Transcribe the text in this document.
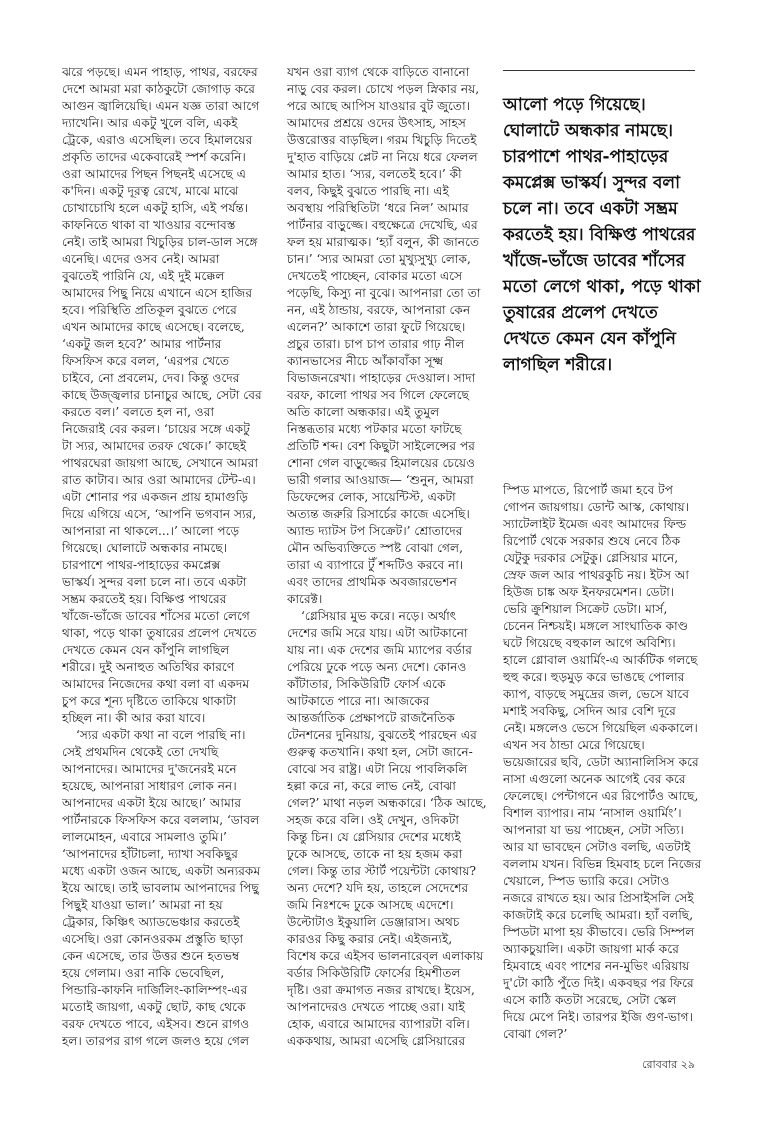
ঝরে পড়ছে। এমন পাহাড়, পাথর, বরফের
দেশে আমরা মরা কাঠকুটো জোগাড় করে
আগুন জ্বালিয়েছি। এমন যজ্ঞ তারা আগে
দ্যাখেনি। আর একটু খুলে বলি, একই
ট্রেকে, এরাও এসেছিল। তবে হিমালয়ের
প্রকৃতি তাদের একেবারেই স্পর্শ করেনি।
ওরা আমাদের পিছন পিছনই এসেছে এ
ক'দিন। একটু দূরত্ব রেখে, মাঝে মাঝে
চোখাচোখি হলে একটু হাসি, এই পর্যন্ত।
কাফনিতে থাকা বা খাওয়ার বন্দোবস্ত
নেই। তাই আমরা খিচুড়ির চাল-ডাল সঙ্গে
এনেছি। এদের ওসব নেই। আমরা
বুঝতেই পারিনি যে, এই দুই মক্কেল
আমাদের পিছু নিয়ে এখানে এসে হাজির
হবে। পরিস্থিতি প্রতিকূল বুঝতে পেরে
এখন আমাদের কাছে এসেছে। বলেছে,
‘একটু জল হবে?’ আমার পার্টনার
ফিসফিস করে বলল, ‘এরপর খেতে
চাইবে, নো প্রবলেম, দেব। কিন্তু ওদের
কাছে উজ্জ্বলার চানাচুর আছে, সেটা বের
করতে বল।’ বলতে হল না, ওরা
নিজেরাই বের করল। ‘চায়ের সঙ্গে একটু
টা স্যর, আমাদের তরফ থেকে।’ কাছেই
পাথরঘেরা জায়গা আছে, সেখানে আমরা
রাত কাটাব। আর ওরা আমাদের টেন্ট-এ।
এটা শোনার পর একজন প্রায় হামাগুড়ি
দিয়ে এগিয়ে এসে, ‘আপনি ভগবান স্যর,
আপনারা না থাকলে...।’ আলো পড়ে
গিয়েছে। ঘোলাটে অন্ধকার নামছে।
চারপাশে পাথর-পাহাড়ের কমপ্লেক্স
ভাস্কর্য। সুন্দর বলা চলে না। তবে একটা
সম্ভ্রম করতেই হয়। বিক্ষিপ্ত পাথরের
খাঁজে-ভাঁজে ডাবের শাঁসের মতো লেগে
থাকা, পড়ে থাকা তুষারের প্রলেপ দেখতে
দেখতে কেমন যেন কাঁপুনি লাগছিল
শরীরে। দুই অনাহুত অতিথির কারণে
আমাদের নিজেদের কথা বলা বা একদম
চুপ করে শূন্য দৃষ্টিতে তাকিয়ে থাকাটা
হচ্ছিল না। কী আর করা যাবে।
‘স্যর একটা কথা না বলে পারছি না।
সেই প্রথমদিন থেকেই তো দেখছি
আপনাদের। আমাদের দু'জনেরই মনে
হয়েছে, আপনারা সাধারণ লোক নন।
আপনাদের একটা ইয়ে আছে।’ আমার
পার্টনারকে ফিসফিস করে বললাম, ‘ডাবল
লালমোহন, এবারে সামলাও তুমি।’
‘আপনাদের হাঁটাচলা, দ্যাখা সবকিছুর
মধ্যে একটা ওজন আছে, একটা অন্যরকম
ইয়ে আছে। তাই ভাবলাম আপনাদের পিছু
পিছুই যাওয়া ভাল।’ আমরা না হয়
ট্রেকার, কিঞ্চিৎ অ্যাডভেঞ্চার করতেই
এসেছি। ওরা কোনওরকম প্রস্তুতি ছাড়া
কেন এসেছে, তার উত্তর শুনে হতভম্ব
হয়ে গেলাম। ওরা নাকি ভেবেছিল,
পিন্ডারি-কাফনি দার্জিলিং-কালিম্পং-এর
মতোই জায়গা, একটু ছোট, কাছ থেকে
বরফ দেখতে পাবে, এইসব। শুনে রাগও
হল। তারপর রাগ গলে জলও হয়ে গেল
যখন ওরা ব্যাগ থেকে বাড়িতে বানানো
নাড়ু বের করল। চোখে পড়ল স্নিকার নয়,
পরে আছে আপিস যাওয়ার বুট জুতো।
আমাদের প্রশ্রয়ে ওদের উৎসাহ, সাহস
উত্তরোত্তর বাড়ছিল। গরম খিচুড়ি দিতেই
দু'হাত বাড়িয়ে প্লেট না নিয়ে ধরে ফেলল
আমার হাত। ‘স্যর, বলতেই হবে।’ কী
বলব, কিছুই বুঝতে পারছি না। এই
অবস্থায় পরিস্থিতিটা ‘ধরে নিল’ আমার
পার্টনার বাড়ুজ্জে। বহুক্ষেত্রে দেখেছি, এর
ফল হয় মারাত্মক। ‘হ্যাঁ বলুন, কী জানতে
চান।’ ‘স্যর আমরা তো মুখ্যুসুখ্যু লোক,
দেখতেই পাচ্ছেন, বোকার মতো এসে
পড়েছি, কিস্যু না বুঝে। আপনারা তো তা
নন, এই ঠান্ডায়, বরফে, আপনারা কেন
এলেন?’ আকাশে তারা ফুটে গিয়েছে।
প্রচুর তারা। চাপ চাপ তারার গাঢ় নীল
ক্যানভাসের নীচে আঁকাবাঁকা সূক্ষ্ম
বিভাজনরেখা। পাহাড়ের দেওয়াল। সাদা
বরফ, কালো পাথর সব গিলে ফেলেছে
অতি কালো অন্ধকার। এই তুমুল
নিস্তব্ধতার মধ্যে পটকার মতো ফাটছে
প্রতিটি শব্দ। বেশ কিছুটা সাইলেন্সের পর
শোনা গেল বাড়ুজ্জের হিমালয়ের চেয়েও
ভারী গলার আওয়াজ— ‘শুনুন, আমরা
ডিফেন্সের লোক, সায়েন্টিস্ট, একটা
অত্যন্ত জরুরি রিসার্চের কাজে এসেছি।
অ্যান্ড দ্যাটস টপ সিক্রেট।’ শ্রোতাদের
মৌন অভিব্যক্তিতে স্পষ্ট বোঝা গেল,
তারা এ ব্যাপারে টুঁ শব্দটিও করবে না।
এবং তাদের প্রাথমিক অবজারভেশন
কারেক্ট।
‘গ্লেসিয়ার মুভ করে। নড়ে। অর্থাৎ
দেশের জমি সরে যায়। এটা আটকানো
যায় না। এক দেশের জমি ম্যাপের বর্ডার
পেরিয়ে ঢুকে পড়ে অন্য দেশে। কোনও
কাঁটাতার, সিকিউরিটি ফোর্স একে
আটকাতে পারে না। আজকের
আন্তর্জাতিক প্রেক্ষাপটে রাজনৈতিক
টেনশনের দুনিয়ায়, বুঝতেই পারছেন এর
গুরুত্ব কতখানি। কথা হল, সেটা জানে-
বোঝে সব রাষ্ট্র। এটা নিয়ে পাবলিকলি
হল্লা করে না, করে লাভ নেই, বোঝা
গেল?’ মাথা নড়ল অন্ধকারে। ‘ঠিক আছে,
সহজ করে বলি। ওই দেখুন, ওদিকটা
কিন্তু চিন। যে গ্লেসিয়ার দেশের মধ্যেই
ঢুকে আসছে, তাকে না হয় হজম করা
গেল। কিন্তু তার স্টার্ট পয়েন্টটা কোথায়?
অন্য দেশে? যদি হয়, তাহলে সেদেশের
জমি নিঃশব্দে ঢুকে আসছে এদেশে।
উল্টোটাও ইকুয়ালি ডেঞ্জারাস। অথচ
কারওর কিছু করার নেই। এইজন্যই,
বিশেষ করে এইসব ভালনারেব্‌ল এলাকায়
বর্ডার সিকিউরিটি ফোর্সের হিমশীতল
দৃষ্টি। ওরা ক্রমাগত নজর রাখছে। ইয়েস,
আপনাদেরও দেখতে পাচ্ছে ওরা। যাই
হোক, এবারে আমাদের ব্যাপারটা বলি।
এককথায়, আমরা এসেছি গ্লেসিয়ারের
আলো পড়ে গিয়েছে।
ঘোলাটে অন্ধকার নামছে।
চারপাশে পাথর-পাহাড়ের
কমপ্লেক্স ভাস্কর্য। সুন্দর বলা
চলে না। তবে একটা সম্ভ্রম
করতেই হয়। বিক্ষিপ্ত পাথরের
খাঁজে-ভাঁজে ডাবের শাঁসের
মতো লেগে থাকা, পড়ে থাকা
তুষারের প্রলেপ দেখতে
দেখতে কেমন যেন কাঁপুনি
লাগছিল শরীরে।
স্পিড মাপতে, রিপোর্ট জমা হবে টপ
গোপন জায়গায়। ডোন্ট আস্ক, কোথায়।
স্যাটেলাইট ইমেজ এবং আমাদের ফিল্ড
রিপোর্ট থেকে সরকার শুষে নেবে ঠিক
যেটুকু দরকার সেটুকু। গ্লেসিয়ার মানে,
স্রেফ জল আর পাথরকুচি নয়। ইটস আ
হিউজ চাঙ্ক অফ ইনফরমেশন। ডেটা।
ভেরি ক্রুশিয়াল সিক্রেট ডেটা। মার্স,
চেনেন নিশ্চয়ই। মঙ্গলে সাংঘাতিক কাণ্ড
ঘটে গিয়েছে বহুকাল আগে অবিশ্যি।
হালে গ্লোবাল ওয়ার্মিং-এ আর্কটিক গলছে
হুহু করে। হুড়মুড় করে ভাঙছে পোলার
ক্যাপ, বাড়ছে সমুদ্রের জল, ভেসে যাবে
মশাই সবকিছু, সেদিন আর বেশি দূরে
নেই। মঙ্গলেও ভেসে গিয়েছিল এককালে।
এখন সব ঠান্ডা মেরে গিয়েছে।
ভয়েজারের ছবি, ডেটা অ্যানালিসিস করে
নাসা এগুলো অনেক আগেই বের করে
ফেলেছে। পেন্টাগনে এর রিপোর্টও আছে,
বিশাল ব্যাপার। নাম ‘নাসাল ওয়ার্মিং’।
আপনারা যা ভয় পাচ্ছেন, সেটা সত্যি।
আর যা ভাবছেন সেটাও বলছি, এতটাই
বললাম যখন। বিভিন্ন হিমবাহ চলে নিজের
খেয়ালে, স্পিড ভ্যারি করে। সেটাও
নজরে রাখতে হয়। আর প্রিসাইসলি সেই
কাজটাই করে চলেছি আমরা। হ্যাঁ বলছি,
স্পিডটা মাপা হয় কীভাবে। ভেরি সিম্পল
অ্যাকচুয়ালি। একটা জায়গা মার্ক করে
হিমবাহে এবং পাশের নন-মুভিং এরিয়ায়
দু'টো কাঠি পুঁতে দিই। একবছর পর ফিরে
এসে কাঠি কতটা সরেছে, সেটা স্কেল
দিয়ে মেপে নিই। তারপর ইজি গুণ-ভাগ।
বোঝা গেল?’
রোববার ২৯
